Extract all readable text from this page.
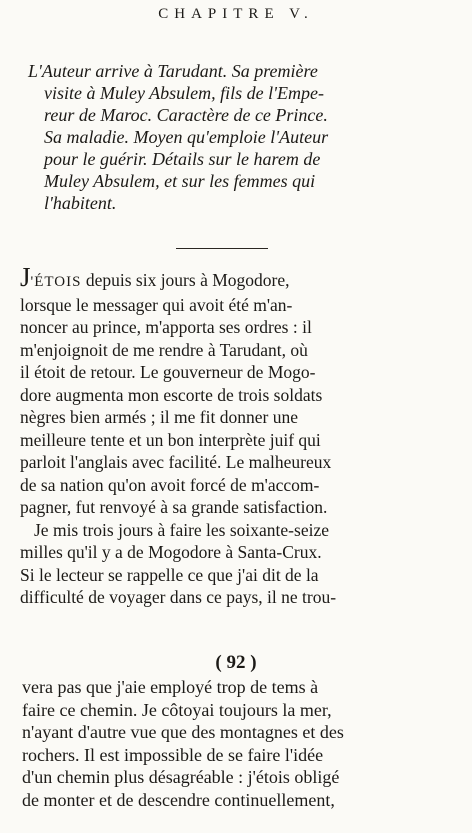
CHAPITRE V.
L'Auteur arrive à Tarudant. Sa première
visite à Muley Absulem, fils de l'Empe-
reur de Maroc. Caractère de ce Prince.
Sa maladie. Moyen qu'emploie l'Auteur
pour le guérir. Détails sur le harem de
Muley Absulem, et sur les femmes qui
l'habitent.
J'ÉTOIS depuis six jours à Mogodore,
lorsque le messager qui avoit été m'an-
noncer au prince, m'apporta ses ordres : il
m'enjoignoit de me rendre à Tarudant, où
il étoit de retour. Le gouverneur de Mogo-
dore augmenta mon escorte de trois soldats
nègres bien armés ; il me fit donner une
meilleure tente et un bon interprète juif qui
parloit l'anglais avec facilité. Le malheureux
de sa nation qu'on avoit forcé de m'accom-
pagner, fut renvoyé à sa grande satisfaction.
Je mis trois jours à faire les soixante-seize
milles qu'il y a de Mogodore à Santa-Crux.
Si le lecteur se rappelle ce que j'ai dit de la
difficulté de voyager dans ce pays, il ne trou-
( 92 )
vera pas que j'aie employé trop de tems à
faire ce chemin. Je côtoyai toujours la mer,
n'ayant d'autre vue que des montagnes et des
rochers. Il est impossible de se faire l'idée
d'un chemin plus désagréable : j'étois obligé
de monter et de descendre continuellement,
